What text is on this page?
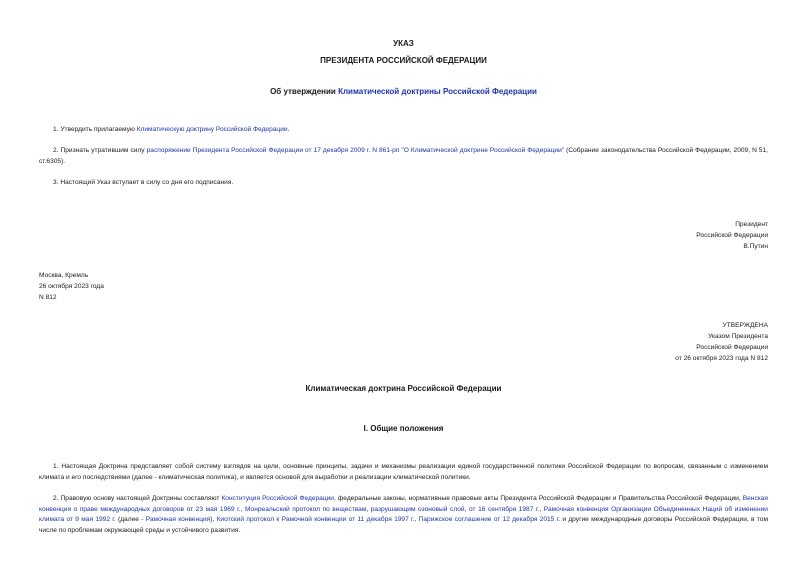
УКАЗ
ПРЕЗИДЕНТА РОССИЙСКОЙ ФЕДЕРАЦИИ
Об утверждении Климатической доктрины Российской Федерации
1. Утвердить прилагаемую Климатическую доктрину Российской Федерации.
2. Признать утратившим силу распоряжение Президента Российской Федерации от 17 декабря 2009 г. N 861-рп "О Климатической доктрине Российской Федерации" (Собрание законодательства Российской Федерации, 2009, N 51, ст.6305).
3. Настоящий Указ вступает в силу со дня его подписания.
Президент
Российской Федерации
В.Путин
Москва, Кремль
26 октября 2023 года
N 812
УТВЕРЖДЕНА
Указом Президента
Российской Федерации
от 26 октября 2023 года N 812
Климатическая доктрина Российской Федерации
I. Общие положения
1. Настоящая Доктрина представляет собой систему взглядов на цели, основные принципы, задачи и механизмы реализации единой государственной политики Российской Федерации по вопросам, связанным с изменением климата и его последствиями (далее - климатическая политика), и является основой для выработки и реализации климатической политики.
2. Правовую основу настоящей Доктрины составляют Конституция Российской Федерации, федеральные законы, нормативные правовые акты Президента Российской Федерации и Правительства Российской Федерации, Венская конвенция о праве международных договоров от 23 мая 1969 г., Монреальский протокол по веществам, разрушающим озоновый слой, от 16 сентября 1987 г., Рамочная конвенция Организации Объединенных Наций об изменении климата от 9 мая 1992 г. (далее - Рамочная конвенция), Киотский протокол к Рамочной конвенции от 11 декабря 1997 г., Парижское соглашение от 12 декабря 2015 г. и другие международные договоры Российской Федерации, в том числе по проблемам окружающей среды и устойчивого развития.
